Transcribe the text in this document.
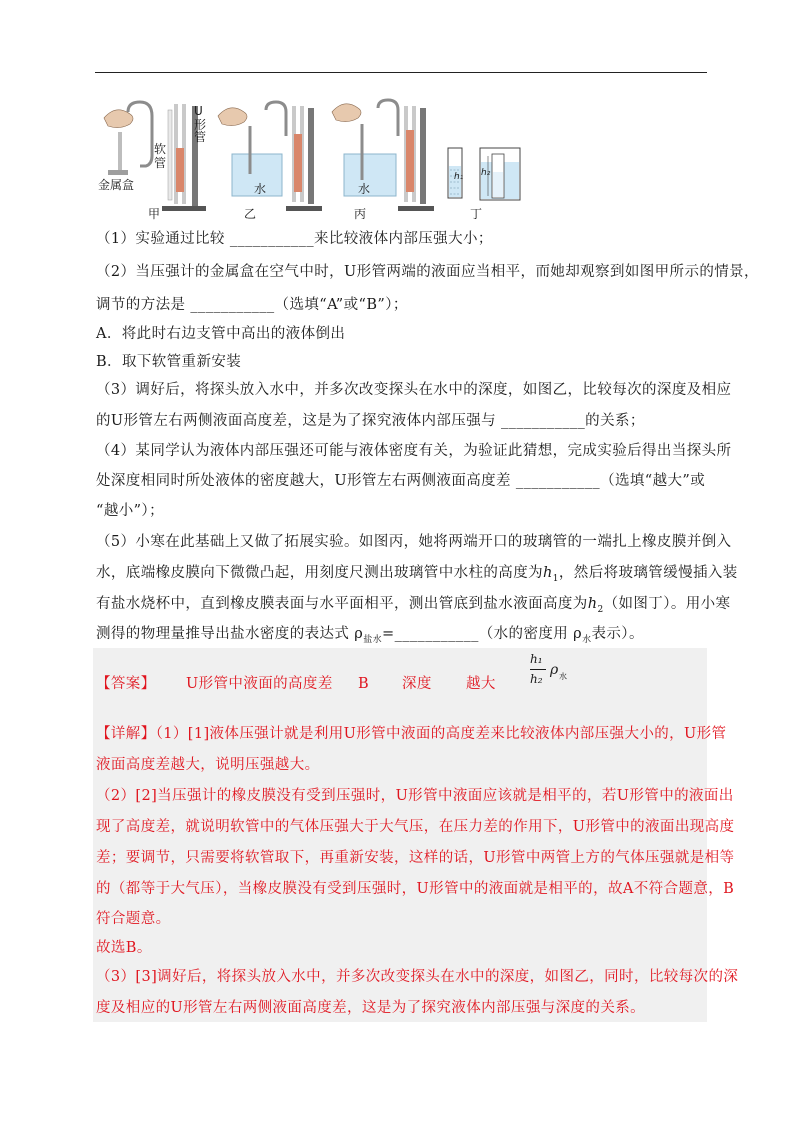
U
形
管
软
管
金属盒	水	水
h₁ h₂
甲	乙	丙	丁
（1）实验通过比较 ___________来比较液体内部压强大小；
（2）当压强计的金属盒在空气中时，U形管两端的液面应当相平，而她却观察到如图甲所示的情景，
调节的方法是 ___________（选填“A”或“B”）；
A．将此时右边支管中高出的液体倒出
B．取下软管重新安装
（3）调好后，将探头放入水中，并多次改变探头在水中的深度，如图乙，比较每次的深度及相应
的U形管左右两侧液面高度差，这是为了探究液体内部压强与 ___________的关系；
（4）某同学认为液体内部压强还可能与液体密度有关，为验证此猜想，完成实验后得出当探头所
处深度相同时所处液体的密度越大，U形管左右两侧液面高度差 ___________（选填“越大”或
“越小”）；
（5）小寒在此基础上又做了拓展实验。如图丙，她将两端开口的玻璃管的一端扎上橡皮膜并倒入
水，底端橡皮膜向下微微凸起，用刻度尺测出玻璃管中水柱的高度为$h_1$，然后将玻璃管缓慢插入装
有盐水烧杯中，直到橡皮膜表面与水平面相平，测出管底到盐水液面高度为$h_2$（如图丁）。用小寒
测得的物理量推导出盐水密度的表达式 $\rho_{盐水}=\_\_\_\_\_\_\_\_\_\_\_$（水的密度用 $\rho_水$表示）。
【答案】 U形管中液面的高度差 B 深度 越大
h₁
h₂
ρ 水
【详解】（1）[1]液体压强计就是利用U形管中液面的高度差来比较液体内部压强大小的，U形管
液面高度差越大，说明压强越大。
（2）[2]当压强计的橡皮膜没有受到压强时，U形管中液面应该就是相平的，若U形管中的液面出
现了高度差，就说明软管中的气体压强大于大气压，在压力差的作用下，U形管中的液面出现高度
差；要调节，只需要将软管取下，再重新安装，这样的话，U形管中两管上方的气体压强就是相等
的（都等于大气压），当橡皮膜没有受到压强时，U形管中的液面就是相平的，故A不符合题意，B
符合题意。
故选B。
（3）[3]调好后，将探头放入水中，并多次改变探头在水中的深度，如图乙，同时，比较每次的深
度及相应的U形管左右两侧液面高度差，这是为了探究液体内部压强与深度的关系。
